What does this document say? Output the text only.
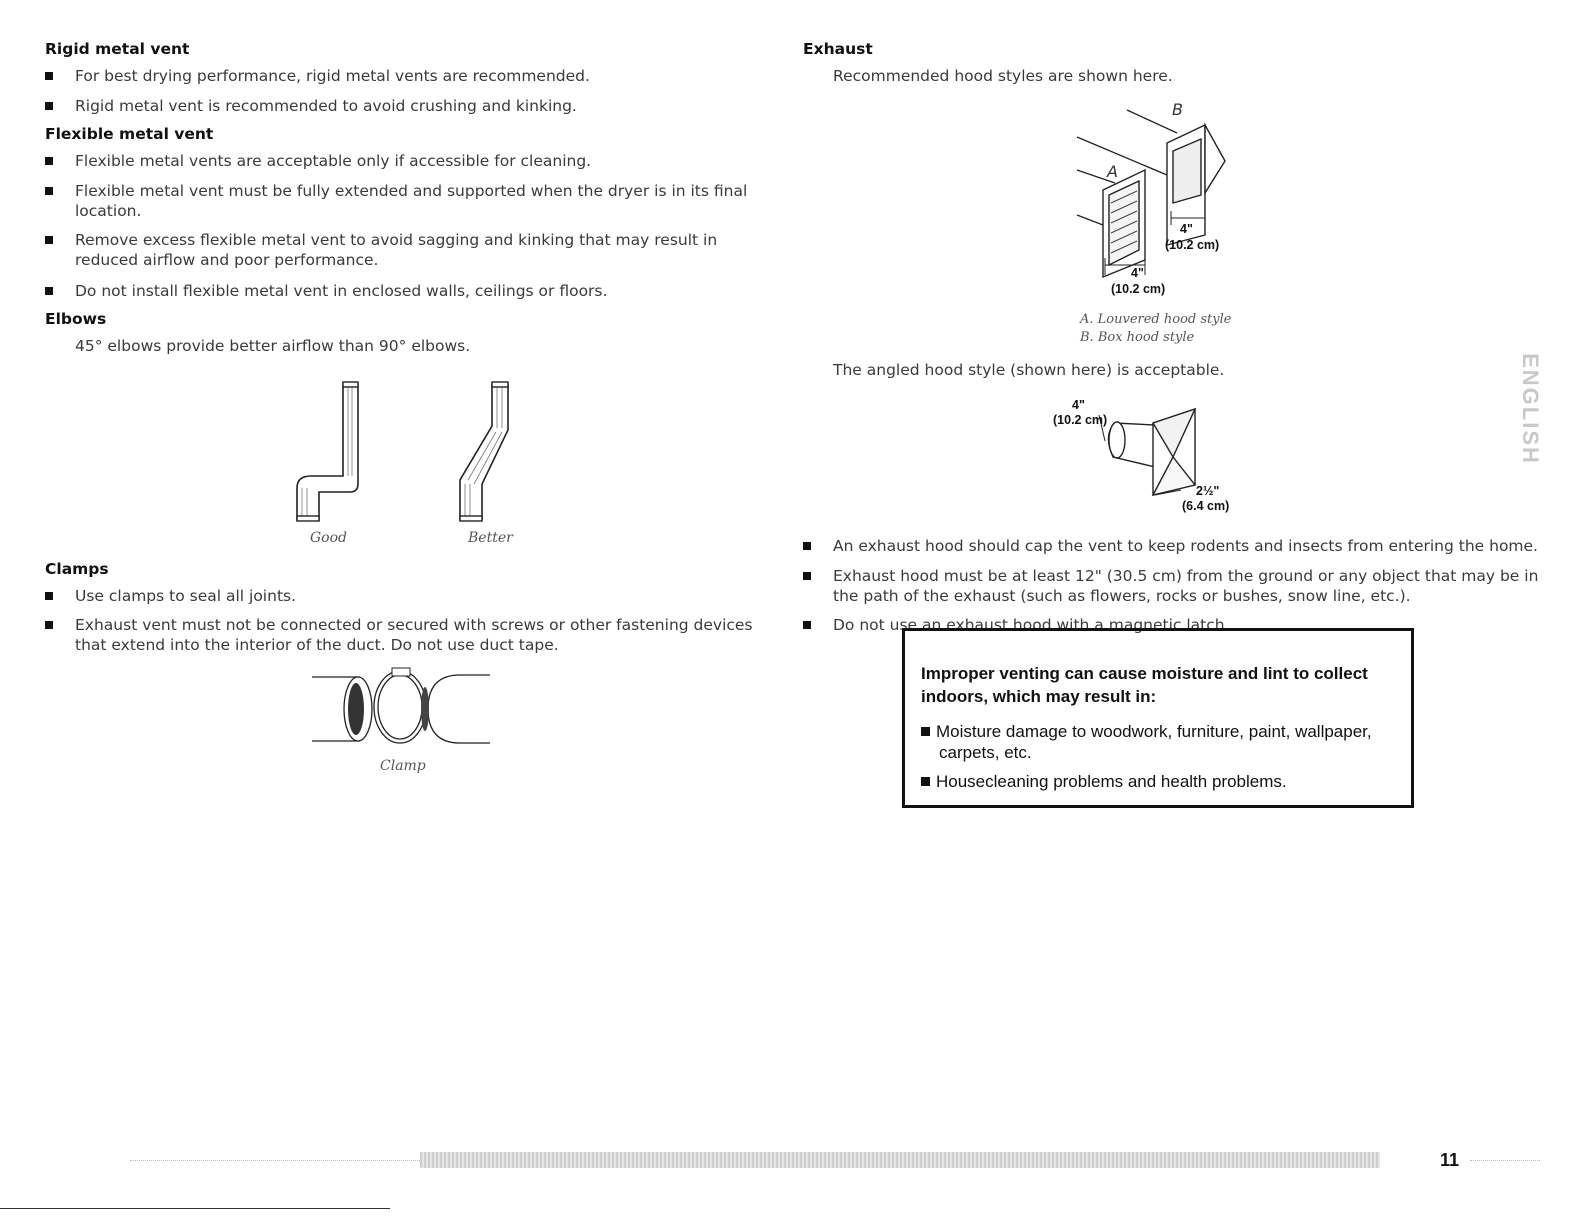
Rigid metal vent
For best drying performance, rigid metal vents are recommended.
Rigid metal vent is recommended to avoid crushing and kinking.
Flexible metal vent
Flexible metal vents are acceptable only if accessible for cleaning.
Flexible metal vent must be fully extended and supported when the dryer is in its final
location.
Remove excess flexible metal vent to avoid sagging and kinking that may result in
reduced airflow and poor performance.
Do not install flexible metal vent in enclosed walls, ceilings or floors.
Elbows
45° elbows provide better airflow than 90° elbows.
Good	Better
Clamps
Use clamps to seal all joints.
Exhaust vent must not be connected or secured with screws or other fastening devices
that extend into the interior of the duct. Do not use duct tape.
Clamp
Exhaust
Recommended hood styles are shown here.
B
A
4"
(10.2 cm)
4"
(10.2 cm)
A. Louvered hood style
B. Box hood style
The angled hood style (shown here) is acceptable.
4"
(10.2 cm)
2½"
(6.4 cm)
An exhaust hood should cap the vent to keep rodents and insects from entering the home.
Exhaust hood must be at least 12" (30.5 cm) from the ground or any object that may be in
the path of the exhaust (such as flowers, rocks or bushes, snow line, etc.).
Do not use an exhaust hood with a magnetic latch.
Improper venting can cause moisture and lint to collect
indoors, which may result in:
Moisture damage to woodwork, furniture, paint, wallpaper,
carpets, etc.
Housecleaning problems and health problems.
ENGLISH
11
